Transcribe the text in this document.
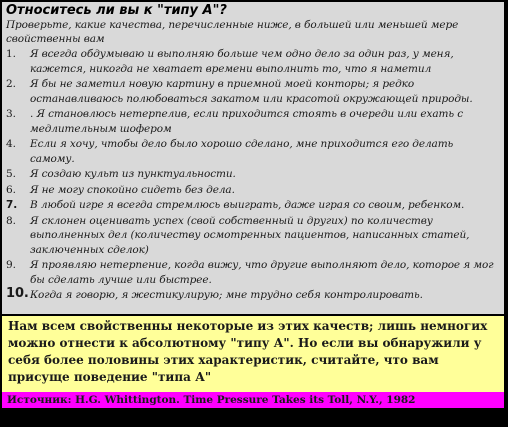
Относитесь ли вы к "типу А"?

Проверьте, какие качества, перечисленные ниже, в большей или меньшей мере свойственны вам

1. Я всегда обдумываю и выполняю больше чем одно дело за один раз, у меня, кажется, никогда не хватает времени выполнить то, что я наметил
2. Я бы не заметил новую картину в приемной моей конторы; я редко останавливаюсь полюбоваться закатом или красотой окружающей природы.
3. . Я становлюсь нетерпелив, если приходится стоять в очереди или ехать с медлительным шофером
4. Если я хочу, чтобы дело было хорошо сделано, мне приходится его делать самому.
5. Я создаю культ из пунктуальности.
6. Я не могу спокойно сидеть без дела.
7. В любой игре я всегда стремлюсь выиграть, даже играя со своим, ребенком.
8. Я склонен оценивать успех (свой собственный и других) по количеству выполненных дел (количеству осмотренных пациентов, написанных статей, заключенных сделок)
9. Я проявляю нетерпение, когда вижу, что другие выполняют дело, которое я мог бы сделать лучше или быстрее.
10. Когда я говорю, я жестикулирую; мне трудно себя контролировать.
Нам всем свойственны некоторые из этих качеств; лишь немногих можно отнести к абсолютному "типу А". Но если вы обнаружили у себя более половины этих характеристик, считайте, что вам присуще поведение "типа А"
Источник: H.G. Whittington. Time Pressure Takes its Toll, N.Y., 1982
